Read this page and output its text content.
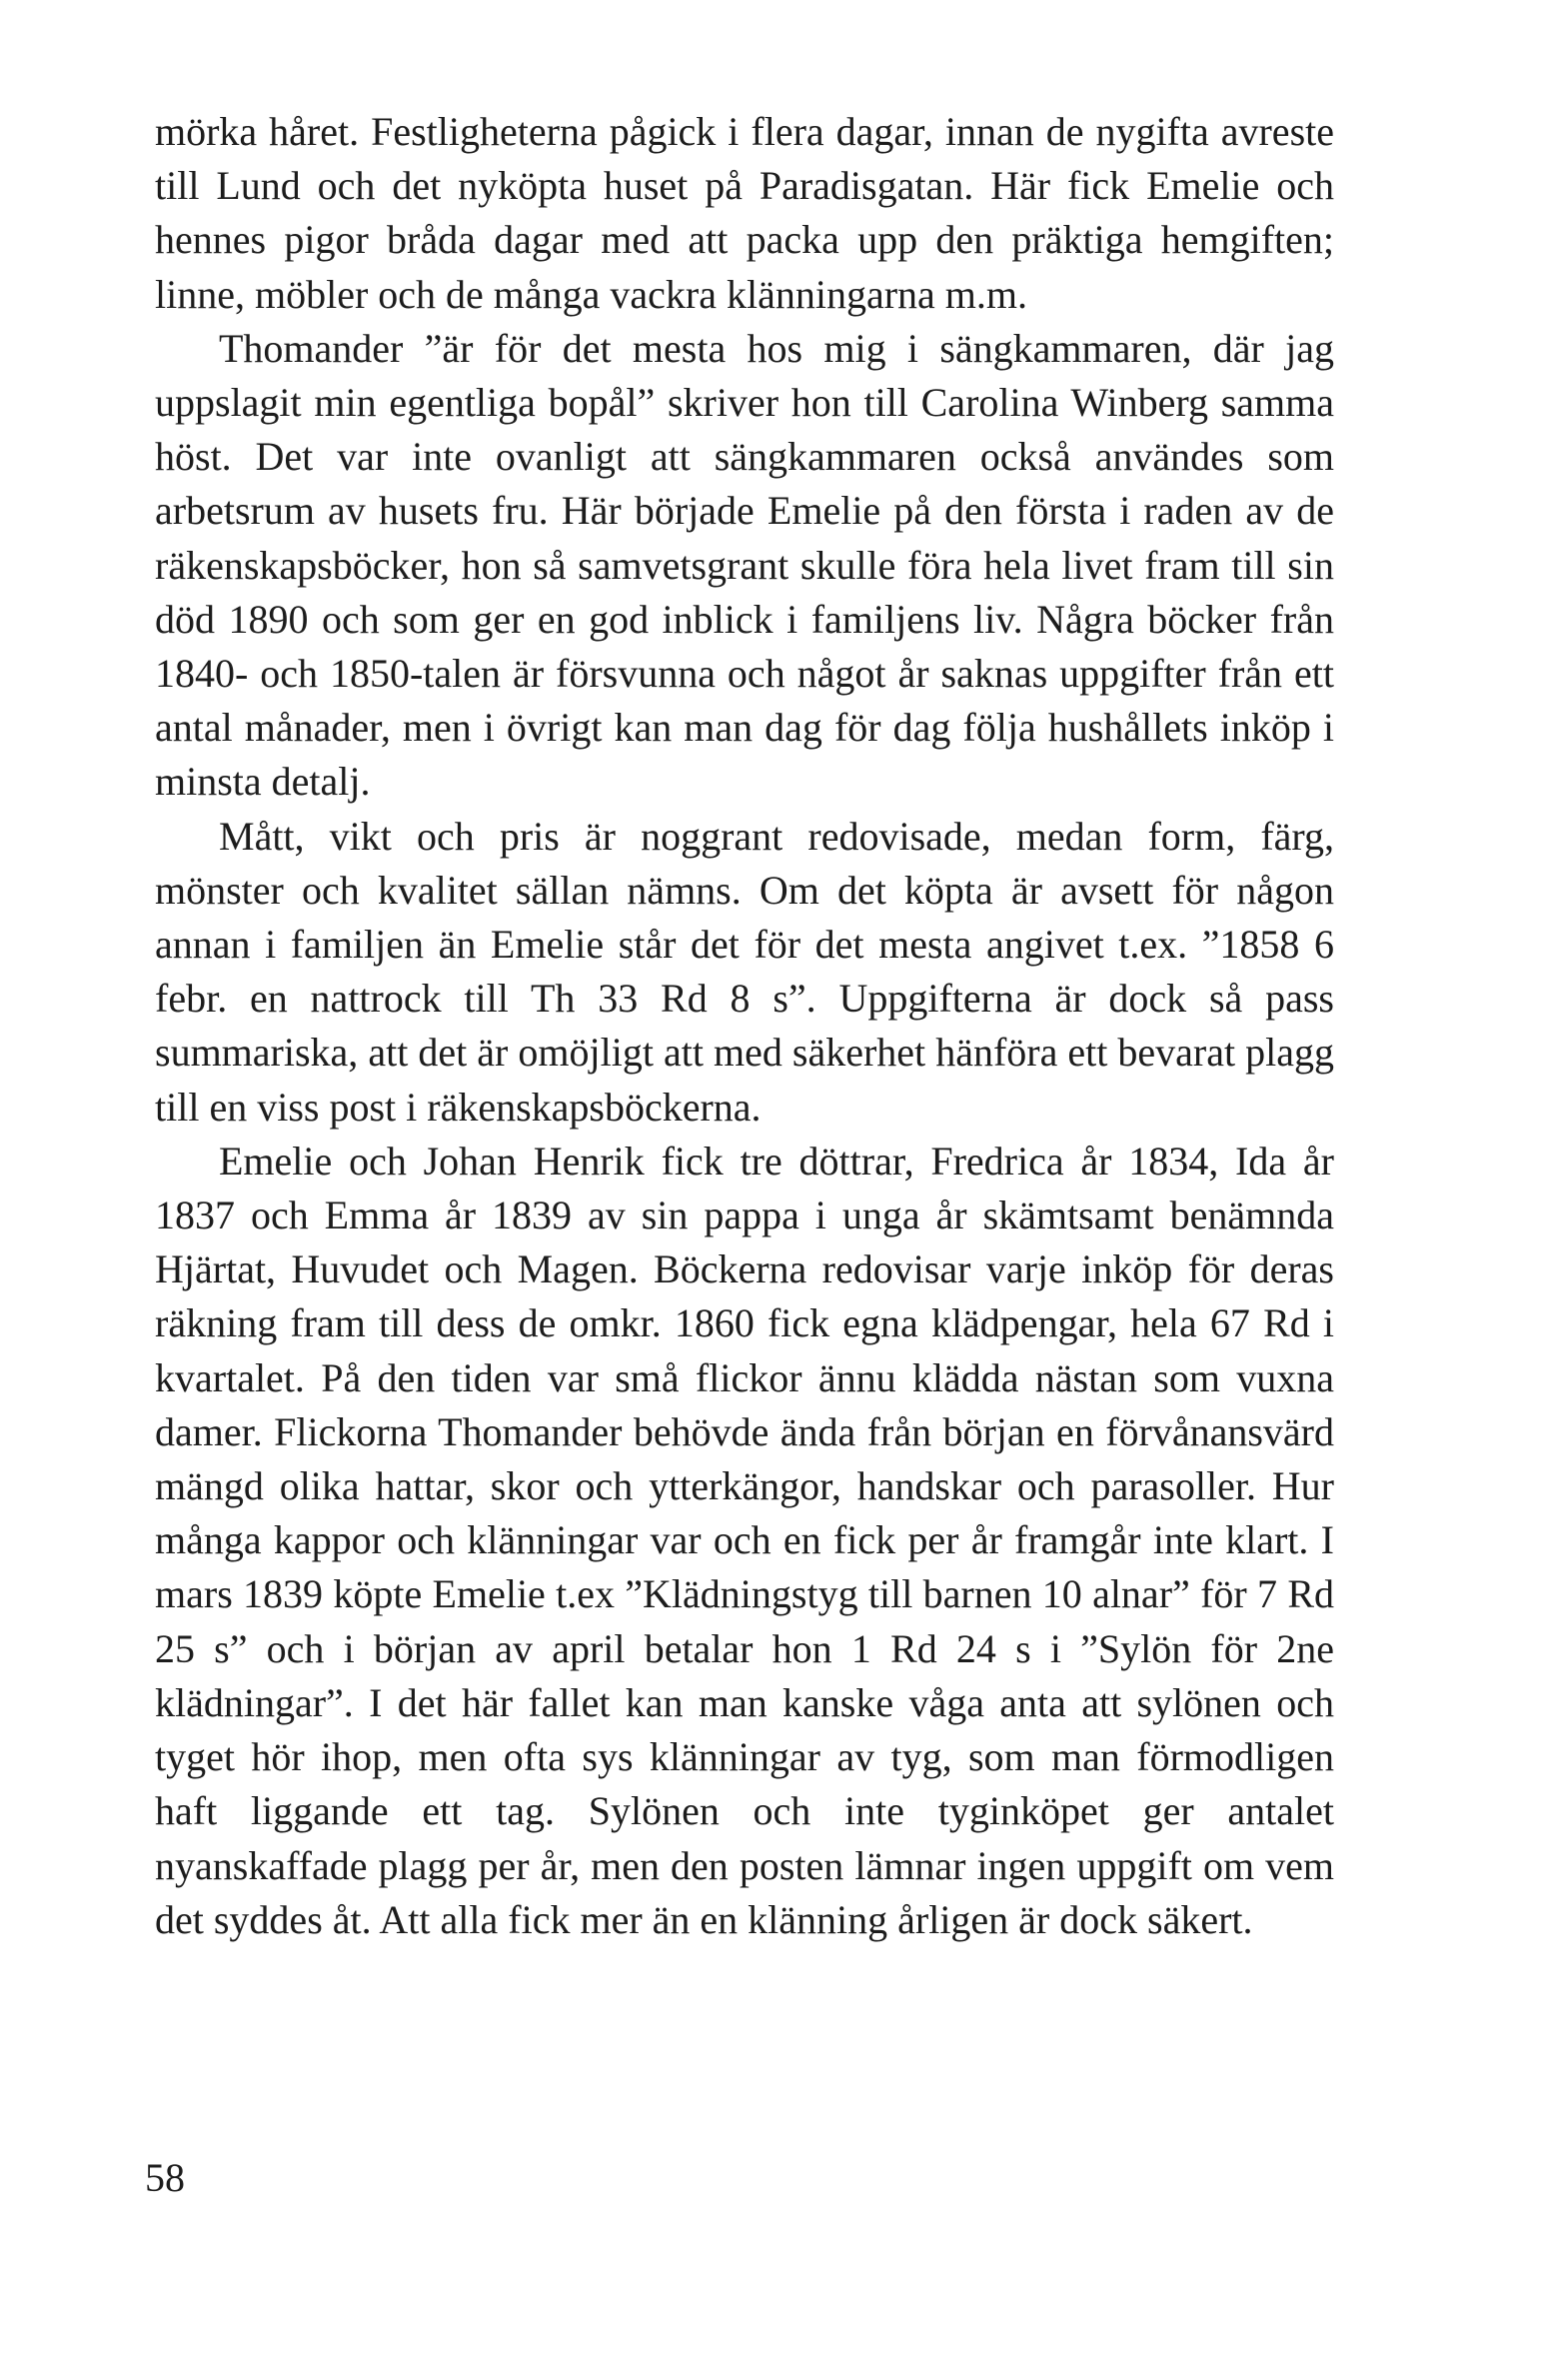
mörka håret. Festligheterna pågick i flera dagar, innan de nygifta avreste till Lund och det nyköpta huset på Paradisgatan. Här fick Emelie och hennes pigor bråda dagar med att packa upp den präktiga hemgiften; linne, möbler och de många vackra klänningarna m.m.

Thomander ”är för det mesta hos mig i sängkammaren, där jag uppslagit min egentliga bopål” skriver hon till Carolina Winberg samma höst. Det var inte ovanligt att sängkammaren också användes som arbetsrum av husets fru. Här började Emelie på den första i raden av de räkenskapsböcker, hon så samvetsgrant skulle föra hela livet fram till sin död 1890 och som ger en god inblick i familjens liv. Några böcker från 1840- och 1850-talen är försvunna och något år saknas uppgifter från ett antal månader, men i övrigt kan man dag för dag följa hushållets inköp i minsta detalj.

Mått, vikt och pris är noggrant redovisade, medan form, färg, mönster och kvalitet sällan nämns. Om det köpta är avsett för någon annan i familjen än Emelie står det för det mesta angivet t.ex. ”1858 6 febr. en nattrock till Th 33 Rd 8 s”. Uppgifterna är dock så pass summariska, att det är omöjligt att med säkerhet hänföra ett bevarat plagg till en viss post i räkenskapsböckerna.

Emelie och Johan Henrik fick tre döttrar, Fredrica år 1834, Ida år 1837 och Emma år 1839 av sin pappa i unga år skämtsamt benämnda Hjärtat, Huvudet och Magen. Böckerna redovisar varje inköp för deras räkning fram till dess de omkr. 1860 fick egna klädpengar, hela 67 Rd i kvartalet. På den tiden var små flickor ännu klädda nästan som vuxna damer. Flickorna Thomander behövde ända från början en förvånansvärd mängd olika hattar, skor och ytterkängor, handskar och parasoller. Hur många kappor och klänningar var och en fick per år framgår inte klart. I mars 1839 köpte Emelie t.ex ”Klädningstyg till barnen 10 alnar” för 7 Rd 25 s” och i början av april betalar hon 1 Rd 24 s i ”Sylön för 2ne klädningar”. I det här fallet kan man kanske våga anta att sylönen och tyget hör ihop, men ofta sys klänningar av tyg, som man förmodligen haft liggande ett tag. Sylönen och inte tyginköpet ger antalet nyanskaffade plagg per år, men den posten lämnar ingen uppgift om vem det syddes åt. Att alla fick mer än en klänning årligen är dock säkert.

58
